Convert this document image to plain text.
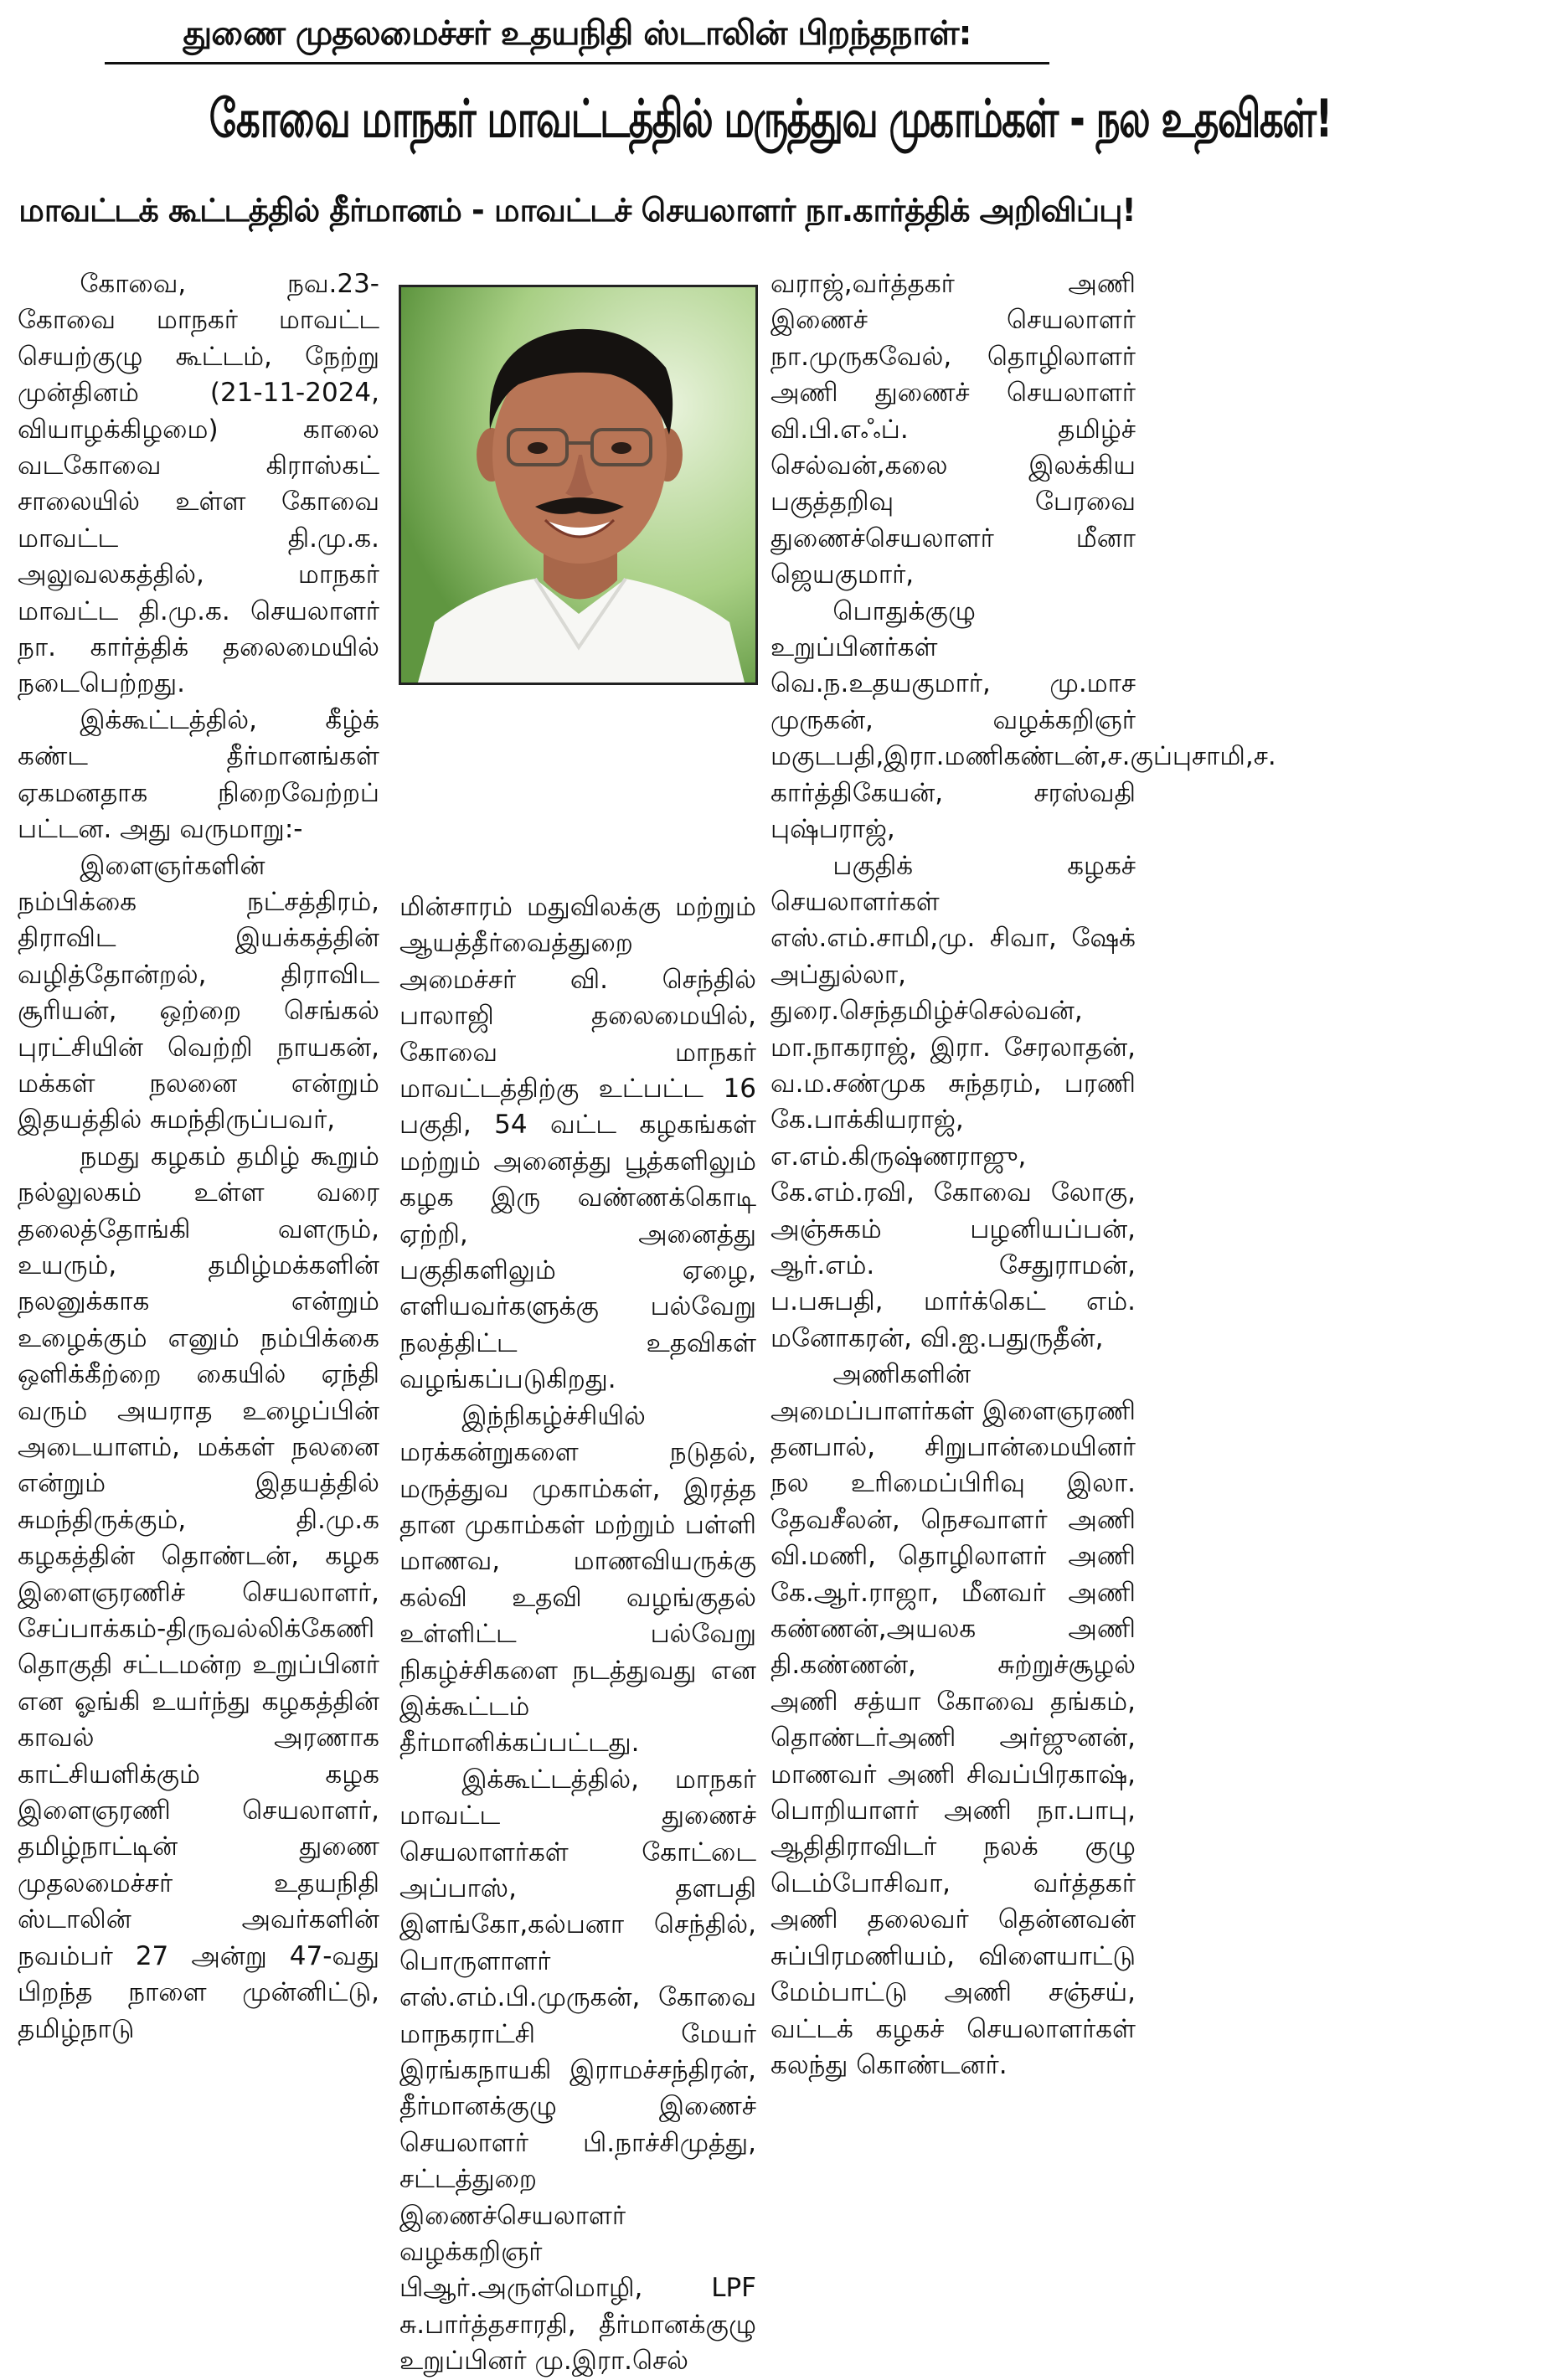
துணை முதலமைச்சர் உதயநிதி ஸ்டாலின் பிறந்தநாள்:
கோவை மாநகர் மாவட்டத்தில் மருத்துவ முகாம்கள் - நல உதவிகள்!
மாவட்டக் கூட்டத்தில் தீர்மானம் - மாவட்டச் செயலாளர் நா.கார்த்திக் அறிவிப்பு!

கோவை, நவ.23- கோவை மாநகர் மாவட்ட செயற்குழு கூட்டம், நேற்று முன்தினம் (21-11-2024, வியாழக்கிழமை) காலை வடகோவை கிராஸ்கட் சாலையில் உள்ள கோவை மாவட்ட தி.மு.க. அலுவலகத்தில், மாநகர் மாவட்ட தி.மு.க. செயலாளர் நா. கார்த்திக் தலைமையில் நடைபெற்றது.

இக்கூட்டத்தில், கீழ்க் கண்ட தீர்மானங்கள் ஏகமனதாக நிறைவேற்றப் பட்டன. அது வருமாறு:-

இளைஞர்களின் நம்பிக்கை நட்சத்திரம், திராவிட இயக்கத்தின் வழித்தோன்றல், திராவிட சூரியன், ஒற்றை செங்கல் புரட்சியின் வெற்றி நாயகன், மக்கள் நலனை என்றும் இதயத்தில் சுமந்திருப்பவர்,

நமது கழகம் தமிழ் கூறும் நல்லுலகம் உள்ள வரை தலைத்தோங்கி வளரும், உயரும், தமிழ்மக்களின் நலனுக்காக என்றும் உழைக்கும் எனும் நம்பிக்கை ஒளிக்கீற்றை கையில் ஏந்தி வரும் அயராத உழைப்பின் அடையாளம், மக்கள் நலனை என்றும் இதயத்தில் சுமந்திருக்கும், தி.மு.க கழகத்தின் தொண்டன், கழக இளைஞரணிச் செயலாளர், சேப்பாக்கம்-திருவல்லிக்கேணி தொகுதி சட்டமன்ற உறுப்பினர் என ஓங்கி உயர்ந்து கழகத்தின் காவல் அரணாக காட்சியளிக்கும் கழக இளைஞரணி செயலாளர், தமிழ்நாட்டின் துணை முதலமைச்சர் உதயநிதி ஸ்டாலின் அவர்களின் நவம்பர் 27 அன்று 47-வது பிறந்த நாளை முன்னிட்டு, தமிழ்நாடு

மின்சாரம் மதுவிலக்கு மற்றும் ஆயத்தீர்வைத்துறை அமைச்சர் வி. செந்தில் பாலாஜி தலைமையில், கோவை மாநகர் மாவட்டத்திற்கு உட்பட்ட 16 பகுதி, 54 வட்ட கழகங்கள் மற்றும் அனைத்து பூத்களிலும் கழக இரு வண்ணக்கொடி ஏற்றி, அனைத்து பகுதிகளிலும் ஏழை, எளியவர்களுக்கு பல்வேறு நலத்திட்ட உதவிகள் வழங்கப்படுகிறது.

இந்நிகழ்ச்சியில் மரக்கன்றுகளை நடுதல், மருத்துவ முகாம்கள், இரத்த தான முகாம்கள் மற்றும் பள்ளி மாணவ, மாணவியருக்கு கல்வி உதவி வழங்குதல் உள்ளிட்ட பல்வேறு நிகழ்ச்சிகளை நடத்துவது என இக்கூட்டம் தீர்மானிக்கப்பட்டது.

இக்கூட்டத்தில், மாநகர் மாவட்ட துணைச் செயலாளர்கள் கோட்டை அப்பாஸ், தளபதி இளங்கோ,கல்பனா செந்தில், பொருளாளர் எஸ்.எம்.பி.முருகன், கோவை மாநகராட்சி மேயர் இரங்கநாயகி இராமச்சந்திரன், தீர்மானக்குழு இணைச் செயலாளர் பி.நாச்சிமுத்து, சட்டத்துறை இணைச்செயலாளர் வழக்கறிஞர் பிஆர்.அருள்மொழி, LPF சு.பார்த்தசாரதி, தீர்மானக்குழு உறுப்பினர் மு.இரா.செல்

வராஜ்,வர்த்தகர் அணி இணைச் செயலாளர் நா.முருகவேல், தொழிலாளர் அணி துணைச் செயலாளர் வி.பி.எஃப். தமிழ்ச் செல்வன்,கலை இலக்கிய பகுத்தறிவு பேரவை துணைச்செயலாளர் மீனா ஜெயகுமார்,

பொதுக்குழு உறுப்பினர்கள் வெ.ந.உதயகுமார், மு.மாச முருகன், வழக்கறிஞர் மகுடபதி,இரா.மணிகண்டன்,ச.குப்புசாமி,ச. கார்த்திகேயன், சரஸ்வதி புஷ்பராஜ்,

பகுதிக் கழகச் செயலாளர்கள் எஸ்.எம்.சாமி,மு. சிவா, ஷேக் அப்துல்லா, துரை.செந்தமிழ்ச்செல்வன், மா.நாகராஜ், இரா. சேரலாதன், வ.ம.சண்முக சுந்தரம், பரணி கே.பாக்கியராஜ், எ.எம்.கிருஷ்ணராஜு, கே.எம்.ரவி, கோவை லோகு, அஞ்சுகம் பழனியப்பன், ஆர்.எம். சேதுராமன், ப.பசுபதி, மார்க்கெட் எம். மனோகரன், வி.ஐ.பதுருதீன்,

அணிகளின் அமைப்பாளர்கள் இளைஞரணி தனபால், சிறுபான்மையினர் நல உரிமைப்பிரிவு இலா. தேவசீலன், நெசவாளர் அணி வி.மணி, தொழிலாளர் அணி கே.ஆர்.ராஜா, மீனவர் அணி கண்ணன்,அயலக அணி தி.கண்ணன், சுற்றுச்சூழல் அணி சத்யா கோவை தங்கம், தொண்டர்அணி அர்ஜுனன், மாணவர் அணி சிவப்பிரகாஷ், பொறியாளர் அணி நா.பாபு, ஆதிதிராவிடர் நலக் குழு டெம்போசிவா, வர்த்தகர் அணி தலைவர் தென்னவன் சுப்பிரமணியம், விளையாட்டு மேம்பாட்டு அணி சஞ்சய், வட்டக் கழகச் செயலாளர்கள் கலந்து கொண்டனர்.
